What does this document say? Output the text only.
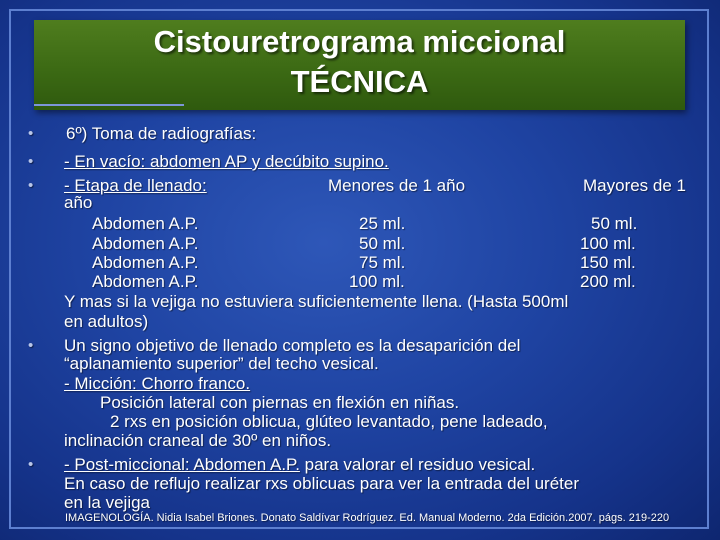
Cistouretrograma miccional
TÉCNICA
• 6º) Toma de radiografías:
• - En vacío: abdomen AP y decúbito supino.
• - Etapa de llenado:	Menores de 1 año	Mayores de 1
año
Abdomen A.P.	25 ml.	50 ml.
Abdomen A.P.	50 ml.	100 ml.
Abdomen A.P.	75 ml.	150 ml.
Abdomen A.P.	100 ml.	200 ml.
Y mas si la vejiga no estuviera suficientemente llena. (Hasta 500ml
en adultos)
• Un signo objetivo de llenado completo es la desaparición del
“aplanamiento superior” del techo vesical.
- Micción: Chorro franco.
Posición lateral con piernas en flexión en niñas.
2 rxs en posición oblicua, glúteo levantado, pene ladeado,
inclinación craneal de 30º en niños.
• - Post-miccional: Abdomen A.P. para valorar el residuo vesical.
En caso de reflujo realizar rxs oblicuas para ver la entrada del uréter
en la vejiga
IMAGENOLOGÍA. Nidia Isabel Briones. Donato Saldívar Rodríguez. Ed. Manual Moderno. 2da Edición.2007. págs. 219-220
